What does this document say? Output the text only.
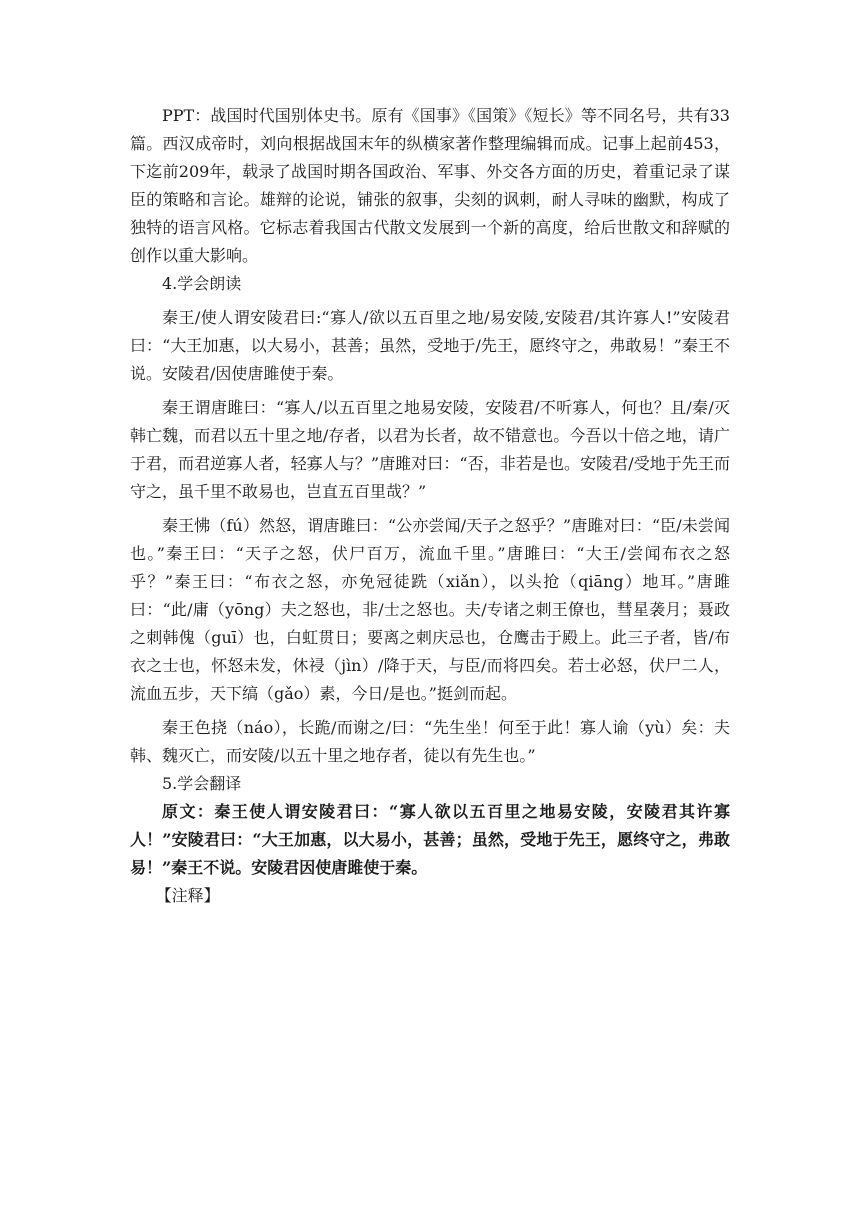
PPT：战国时代国别体史书。原有《国事》《国策》《短长》等不同名号，共有33篇。西汉成帝时，刘向根据战国末年的纵横家著作整理编辑而成。记事上起前453，下迄前209年，载录了战国时期各国政治、军事、外交各方面的历史，着重记录了谋臣的策略和言论。雄辩的论说，铺张的叙事，尖刻的讽刺，耐人寻味的幽默，构成了独特的语言风格。它标志着我国古代散文发展到一个新的高度，给后世散文和辞赋的创作以重大影响。

4.学会朗读

秦王/使人谓安陵君曰:“寡人/欲以五百里之地/易安陵,安陵君/其许寡人!”安陵君曰：“大王加惠，以大易小，甚善；虽然，受地于/先王，愿终守之，弗敢易！”秦王不说。安陵君/因使唐雎使于秦。

秦王谓唐雎曰：“寡人/以五百里之地易安陵，安陵君/不听寡人，何也？且/秦/灭韩亡魏，而君以五十里之地/存者，以君为长者，故不错意也。今吾以十倍之地，请广于君，而君逆寡人者，轻寡人与？”唐雎对曰：“否，非若是也。安陵君/受地于先王而守之，虽千里不敢易也，岂直五百里哉？”

秦王怫（fú）然怒，谓唐雎曰：“公亦尝闻/天子之怒乎？”唐雎对曰：“臣/未尝闻也。”秦王曰：“天子之怒，伏尸百万，流血千里。”唐雎曰：“大王/尝闻布衣之怒乎？”秦王曰：“布衣之怒，亦免冠徒跣（xiǎn），以头抢（qiāng）地耳。”唐雎曰：“此/庸（yōng）夫之怒也，非/士之怒也。夫/专诸之刺王僚也，彗星袭月；聂政之刺韩傀（guī）也，白虹贯日；要离之刺庆忌也，仓鹰击于殿上。此三子者，皆/布衣之士也，怀怒未发，休祲（jìn）/降于天，与臣/而将四矣。若士必怒，伏尸二人，流血五步，天下缟（gǎo）素，今日/是也。”挺剑而起。

秦王色挠（náo），长跪/而谢之/曰：“先生坐！何至于此！寡人谕（yù）矣：夫韩、魏灭亡，而安陵/以五十里之地存者，徒以有先生也。”

5.学会翻译

原文：秦王使人谓安陵君曰：“寡人欲以五百里之地易安陵，安陵君其许寡人！”安陵君曰：“大王加惠，以大易小，甚善；虽然，受地于先王，愿终守之，弗敢易！”秦王不说。安陵君因使唐雎使于秦。

【注释】
